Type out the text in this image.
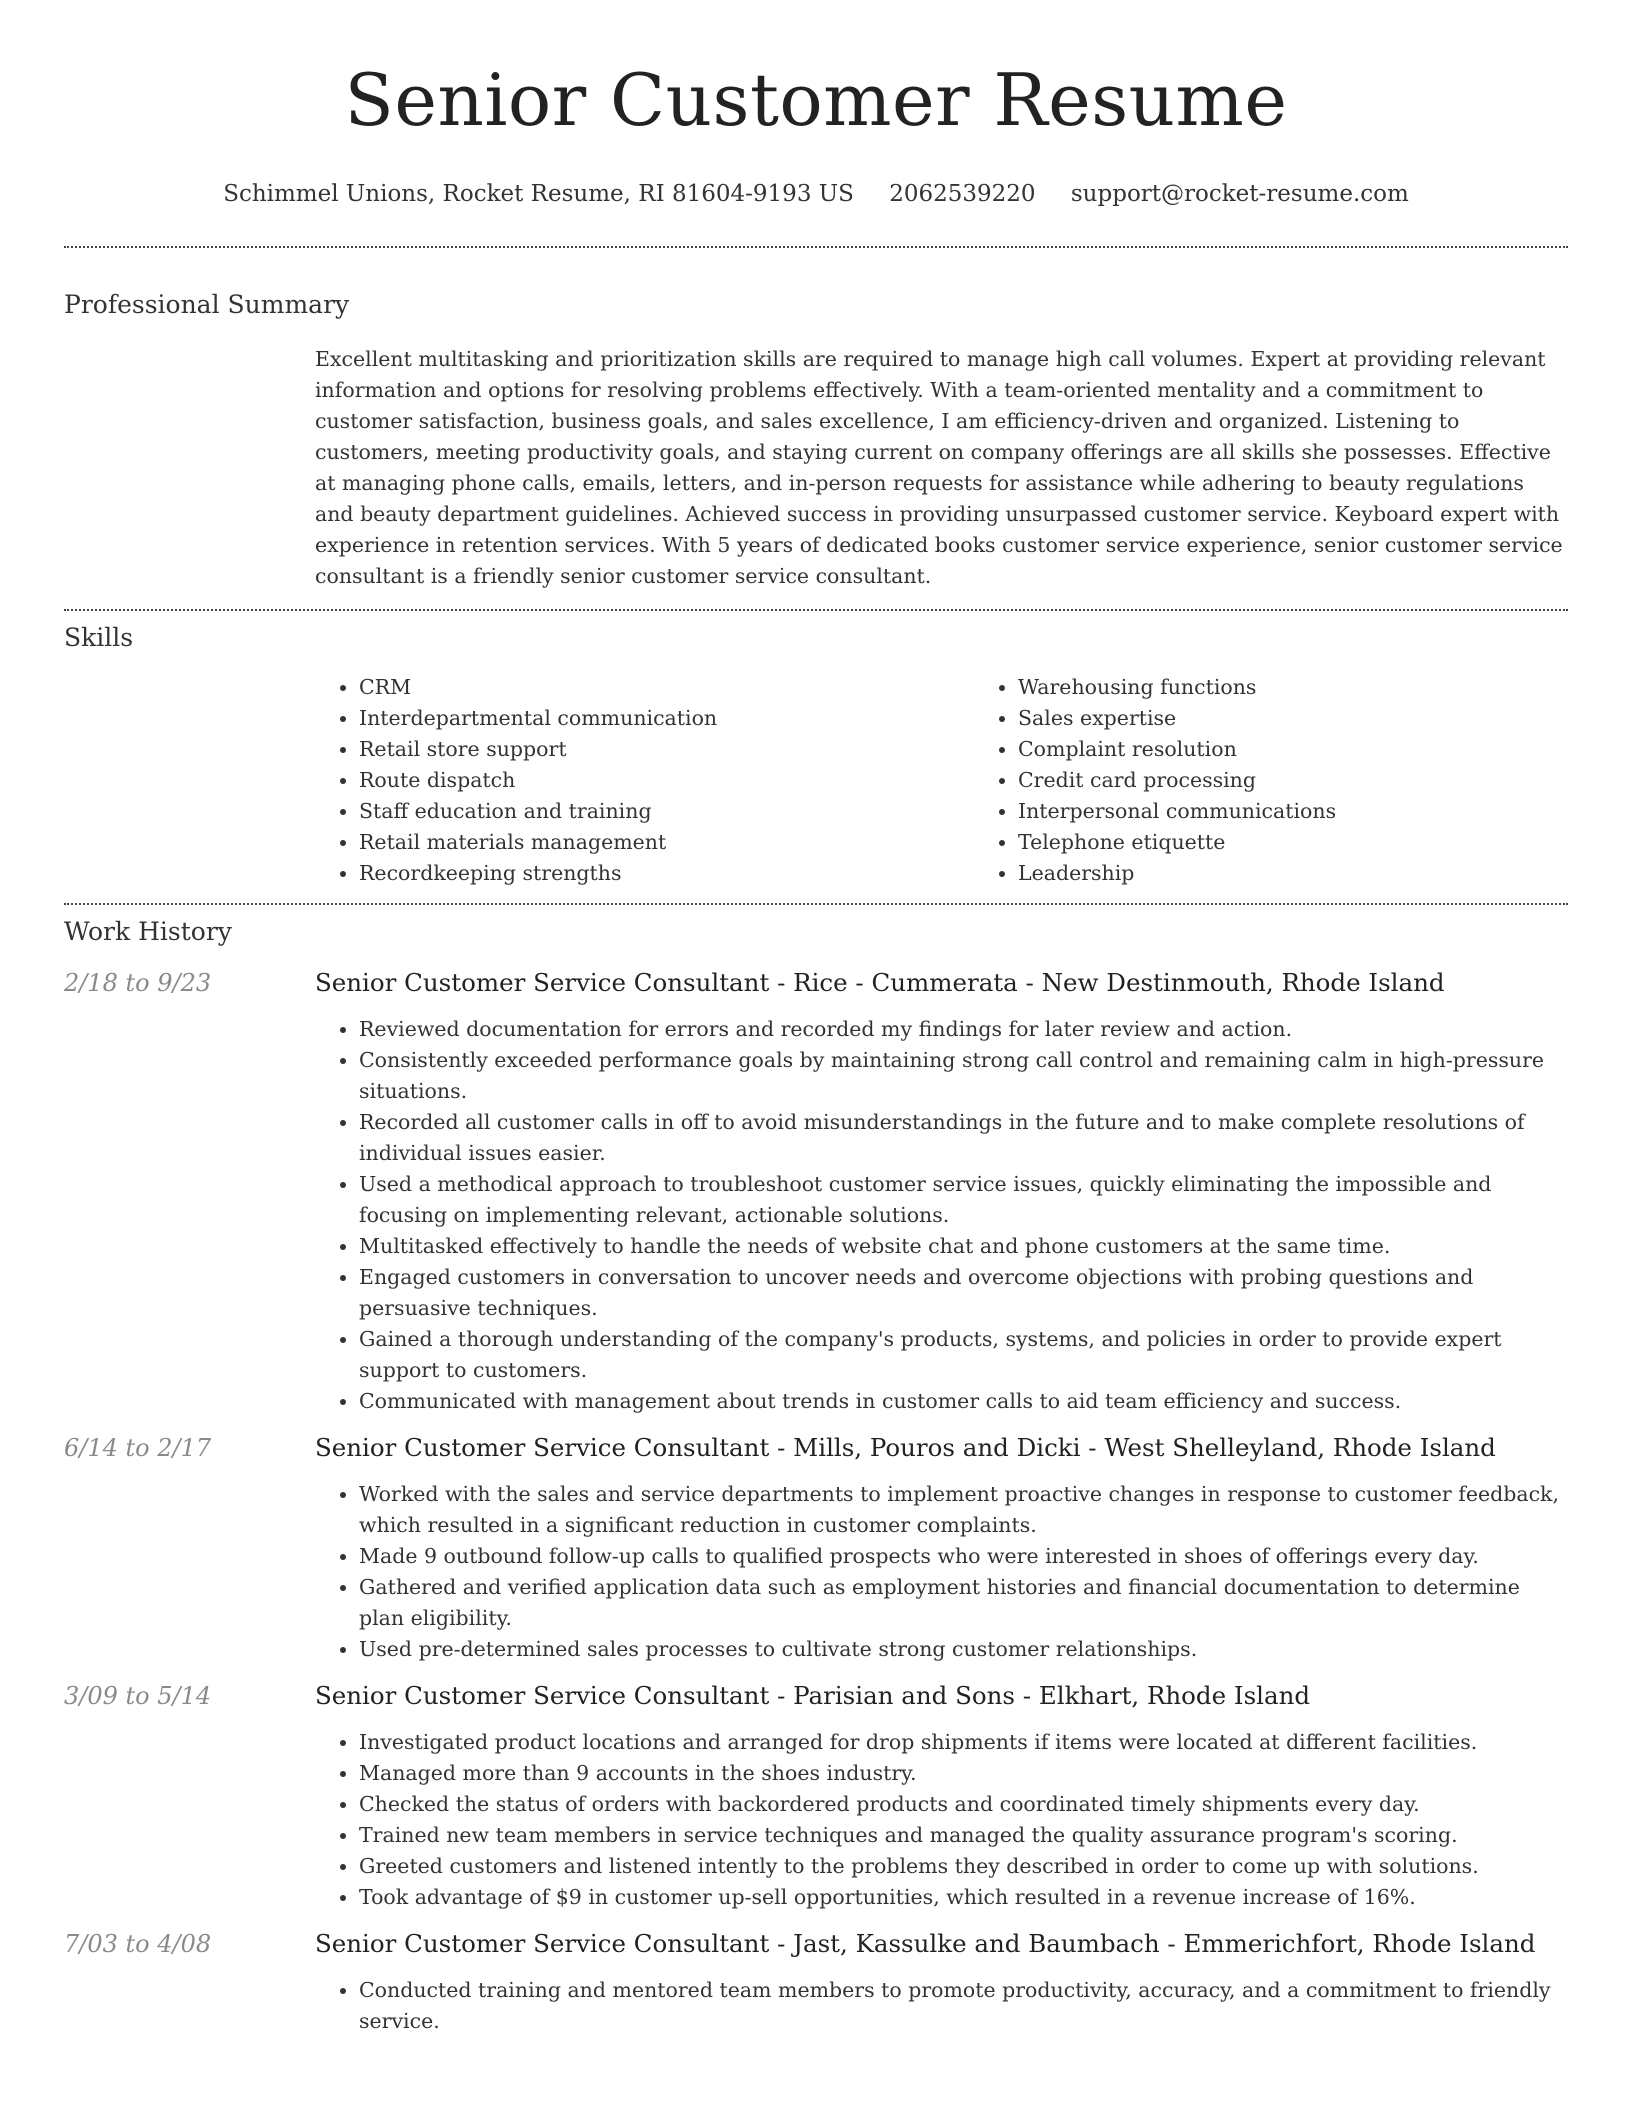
Senior Customer Resume
Schimmel Unions, Rocket Resume, RI 81604-9193 US 2062539220 support@rocket-resume.com
Professional Summary

Excellent multitasking and prioritization skills are required to manage high call volumes. Expert at providing relevant information and options for resolving problems effectively. With a team-oriented mentality and a commitment to customer satisfaction, business goals, and sales excellence, I am efficiency-driven and organized. Listening to customers, meeting productivity goals, and staying current on company offerings are all skills she possesses. Effective at managing phone calls, emails, letters, and in-person requests for assistance while adhering to beauty regulations and beauty department guidelines. Achieved success in providing unsurpassed customer service. Keyboard expert with experience in retention services. With 5 years of dedicated books customer service experience, senior customer service consultant is a friendly senior customer service consultant.

Skills
• CRM
• Interdepartmental communication
• Retail store support
• Route dispatch
• Staff education and training
• Retail materials management
• Recordkeeping strengths
• Warehousing functions
• Sales expertise
• Complaint resolution
• Credit card processing
• Interpersonal communications
• Telephone etiquette
• Leadership
Work History
2/18 to 9/23	Senior Customer Service Consultant - Rice - Cummerata - New Destinmouth, Rhode Island
• Reviewed documentation for errors and recorded my findings for later review and action.
• Consistently exceeded performance goals by maintaining strong call control and remaining calm in high-pressure situations.
• Recorded all customer calls in off to avoid misunderstandings in the future and to make complete resolutions of individual issues easier.
• Used a methodical approach to troubleshoot customer service issues, quickly eliminating the impossible and focusing on implementing relevant, actionable solutions.
• Multitasked effectively to handle the needs of website chat and phone customers at the same time.
• Engaged customers in conversation to uncover needs and overcome objections with probing questions and persuasive techniques.
• Gained a thorough understanding of the company's products, systems, and policies in order to provide expert support to customers.
• Communicated with management about trends in customer calls to aid team efficiency and success.
6/14 to 2/17	Senior Customer Service Consultant - Mills, Pouros and Dicki - West Shelleyland, Rhode Island
• Worked with the sales and service departments to implement proactive changes in response to customer feedback, which resulted in a significant reduction in customer complaints.
• Made 9 outbound follow-up calls to qualified prospects who were interested in shoes of offerings every day.
• Gathered and verified application data such as employment histories and financial documentation to determine plan eligibility.
• Used pre-determined sales processes to cultivate strong customer relationships.
3/09 to 5/14	Senior Customer Service Consultant - Parisian and Sons - Elkhart, Rhode Island
• Investigated product locations and arranged for drop shipments if items were located at different facilities.
• Managed more than 9 accounts in the shoes industry.
• Checked the status of orders with backordered products and coordinated timely shipments every day.
• Trained new team members in service techniques and managed the quality assurance program's scoring.
• Greeted customers and listened intently to the problems they described in order to come up with solutions.
• Took advantage of $9 in customer up-sell opportunities, which resulted in a revenue increase of 16%.
7/03 to 4/08	Senior Customer Service Consultant - Jast, Kassulke and Baumbach - Emmerichfort, Rhode Island
• Conducted training and mentored team members to promote productivity, accuracy, and a commitment to friendly service.
